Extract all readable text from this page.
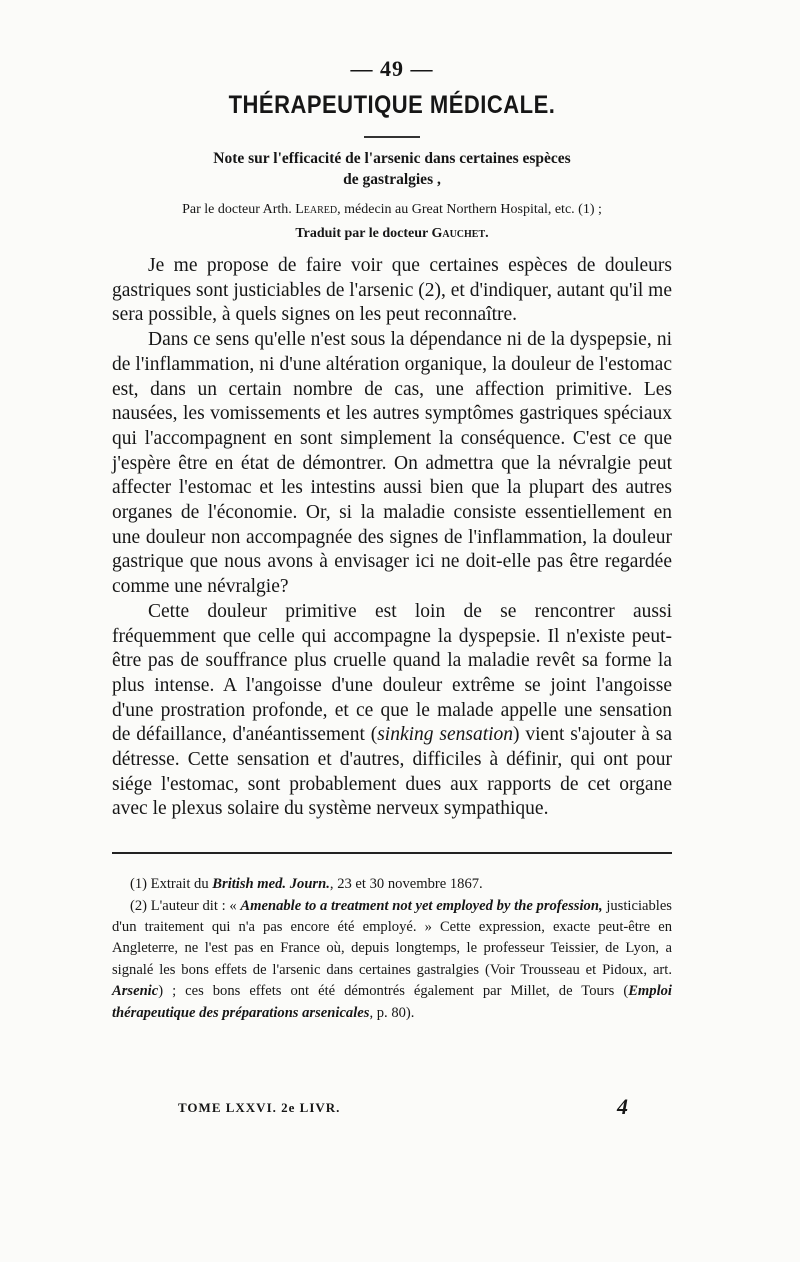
— 49 —
THÉRAPEUTIQUE MÉDICALE.
Note sur l'efficacité de l'arsenic dans certaines espèces
de gastralgies ,

Par le docteur Arth. Leared, médecin au Great Northern Hospital, etc. (1) ;

Traduit par le docteur Gauchet.

Je me propose de faire voir que certaines espèces de douleurs gastriques sont justiciables de l'arsenic (2), et d'indiquer, autant qu'il me sera possible, à quels signes on les peut reconnaître.

Dans ce sens qu'elle n'est sous la dépendance ni de la dyspepsie, ni de l'inflammation, ni d'une altération organique, la douleur de l'estomac est, dans un certain nombre de cas, une affection primitive. Les nausées, les vomissements et les autres symptômes gastriques spéciaux qui l'accompagnent en sont simplement la conséquence. C'est ce que j'espère être en état de démontrer. On admettra que la névralgie peut affecter l'estomac et les intestins aussi bien que la plupart des autres organes de l'économie. Or, si la maladie consiste essentiellement en une douleur non accompagnée des signes de l'inflammation, la douleur gastrique que nous avons à envisager ici ne doit-elle pas être regardée comme une névralgie?

Cette douleur primitive est loin de se rencontrer aussi fréquemment que celle qui accompagne la dyspepsie. Il n'existe peut-être pas de souffrance plus cruelle quand la maladie revêt sa forme la plus intense. A l'angoisse d'une douleur extrême se joint l'angoisse d'une prostration profonde, et ce que le malade appelle une sensation de défaillance, d'anéantissement (sinking sensation) vient s'ajouter à sa détresse. Cette sensation et d'autres, difficiles à définir, qui ont pour siége l'estomac, sont probablement dues aux rapports de cet organe avec le plexus solaire du système nerveux sympathique.

(1) Extrait du British med. Journ., 23 et 30 novembre 1867.

(2) L'auteur dit : « Amenable to a treatment not yet employed by the profession, justiciables d'un traitement qui n'a pas encore été employé. » Cette expression, exacte peut-être en Angleterre, ne l'est pas en France où, depuis longtemps, le professeur Teissier, de Lyon, a signalé les bons effets de l'arsenic dans certaines gastralgies (Voir Trousseau et Pidoux, art. Arsenic) ; ces bons effets ont été démontrés également par Millet, de Tours (Emploi thérapeutique des préparations arsenicales, p. 80).

TOME LXXVI. 2e LIVR.	4
